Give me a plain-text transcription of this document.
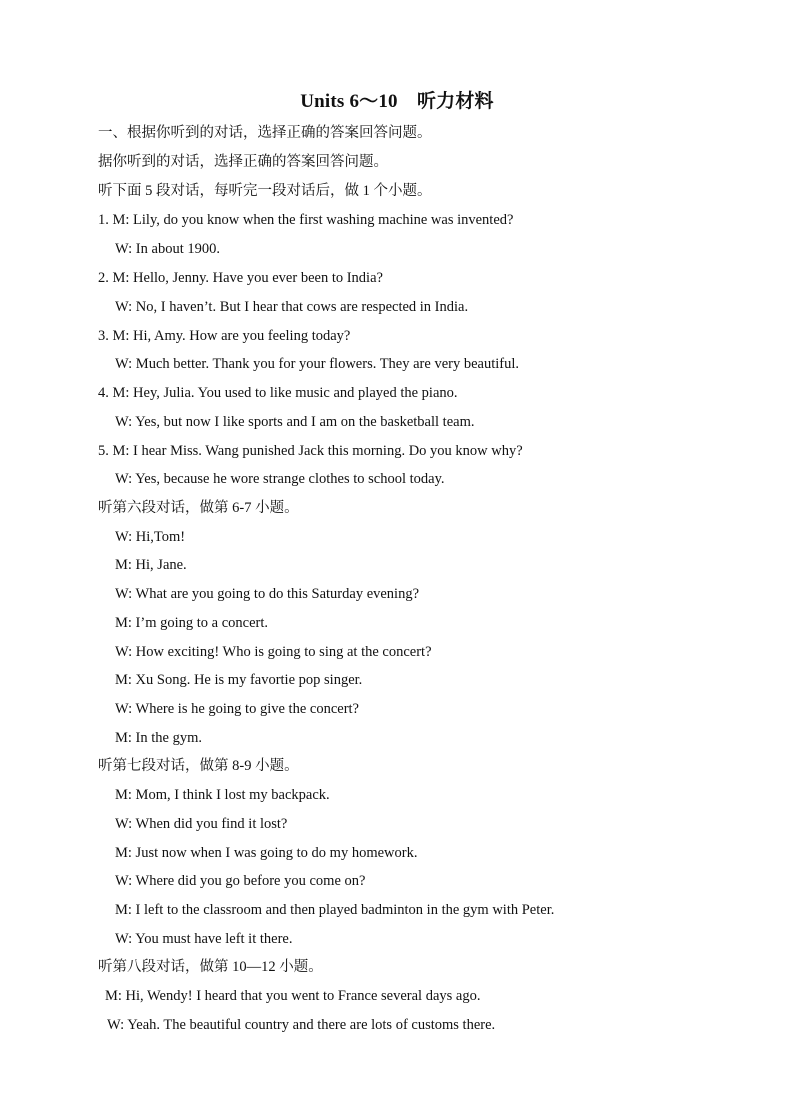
Units 6～10　听力材料
一、根据你听到的对话，选择正确的答案回答问题。
据你听到的对话，选择正确的答案回答问题。
听下面 5 段对话，每听完一段对话后，做 1 个小题。
1. M: Lily, do you know when the first washing machine was invented?
W: In about 1900.
2. M: Hello, Jenny. Have you ever been to India?
W: No, I haven’t. But I hear that cows are respected in India.
3. M: Hi, Amy. How are you feeling today?
W: Much better. Thank you for your flowers. They are very beautiful.
4. M: Hey, Julia. You used to like music and played the piano.
W: Yes, but now I like sports and I am on the basketball team.
5. M: I hear Miss. Wang punished Jack this morning. Do you know why?
W: Yes, because he wore strange clothes to school today.
听第六段对话，做第 6-7 小题。
W: Hi,Tom!
M: Hi, Jane.
W: What are you going to do this Saturday evening?
M: I’m going to a concert.
W: How exciting! Who is going to sing at the concert?
M: Xu Song. He is my favortie pop singer.
W: Where is he going to give the concert?
M: In the gym.
听第七段对话，做第 8-9 小题。
M: Mom, I think I lost my backpack.
W: When did you find it lost?
M: Just now when I was going to do my homework.
W: Where did you go before you come on?
M: I left to the classroom and then played badminton in the gym with Peter.
W: You must have left it there.
听第八段对话，做第 10—12 小题。
M: Hi, Wendy! I heard that you went to France several days ago.
W: Yeah. The beautiful country and there are lots of customs there.
